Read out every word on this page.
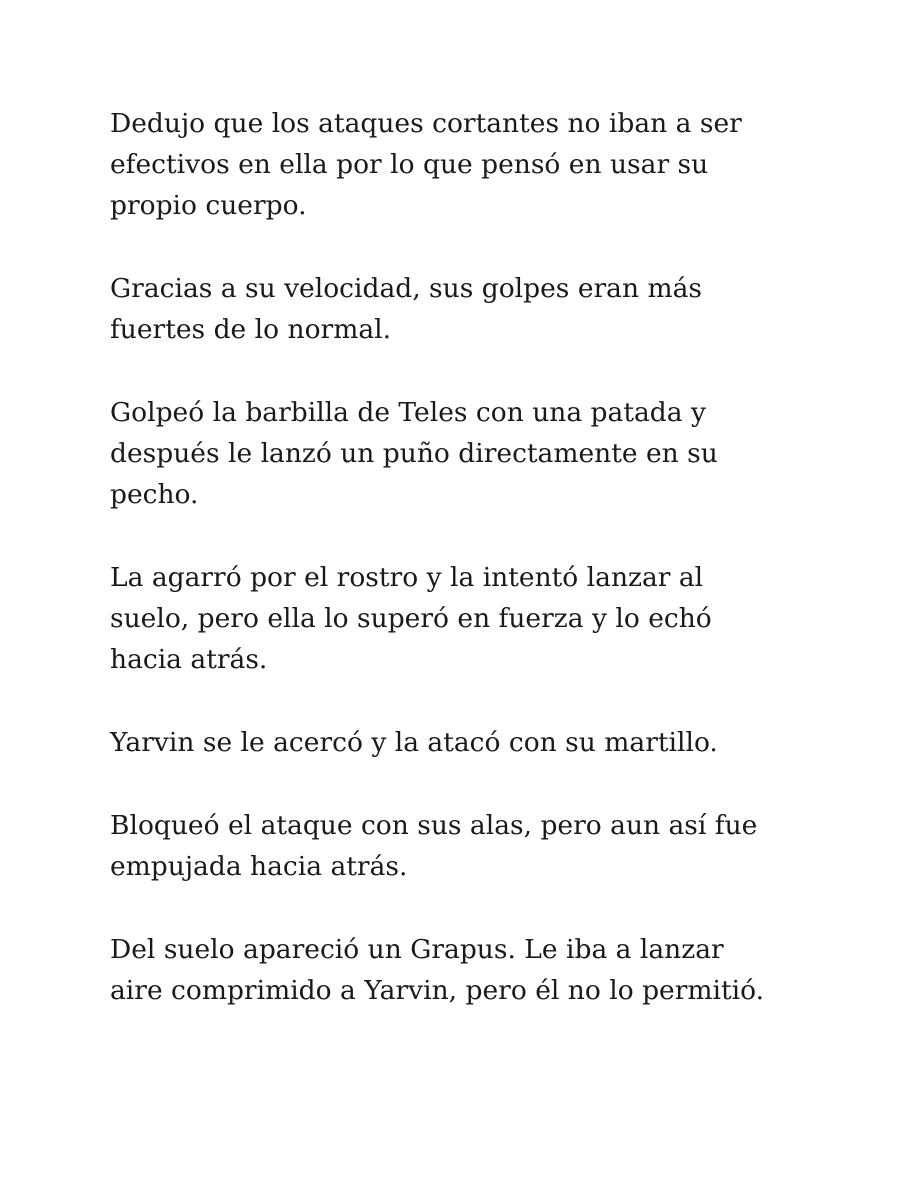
Dedujo que los ataques cortantes no iban a ser
efectivos en ella por lo que pensó en usar su
propio cuerpo.

Gracias a su velocidad, sus golpes eran más
fuertes de lo normal.

Golpeó la barbilla de Teles con una patada y
después le lanzó un puño directamente en su
pecho.

La agarró por el rostro y la intentó lanzar al
suelo, pero ella lo superó en fuerza y lo echó
hacia atrás.

Yarvin se le acercó y la atacó con su martillo.

Bloqueó el ataque con sus alas, pero aun así fue
empujada hacia atrás.

Del suelo apareció un Grapus. Le iba a lanzar
aire comprimido a Yarvin, pero él no lo permitió.
